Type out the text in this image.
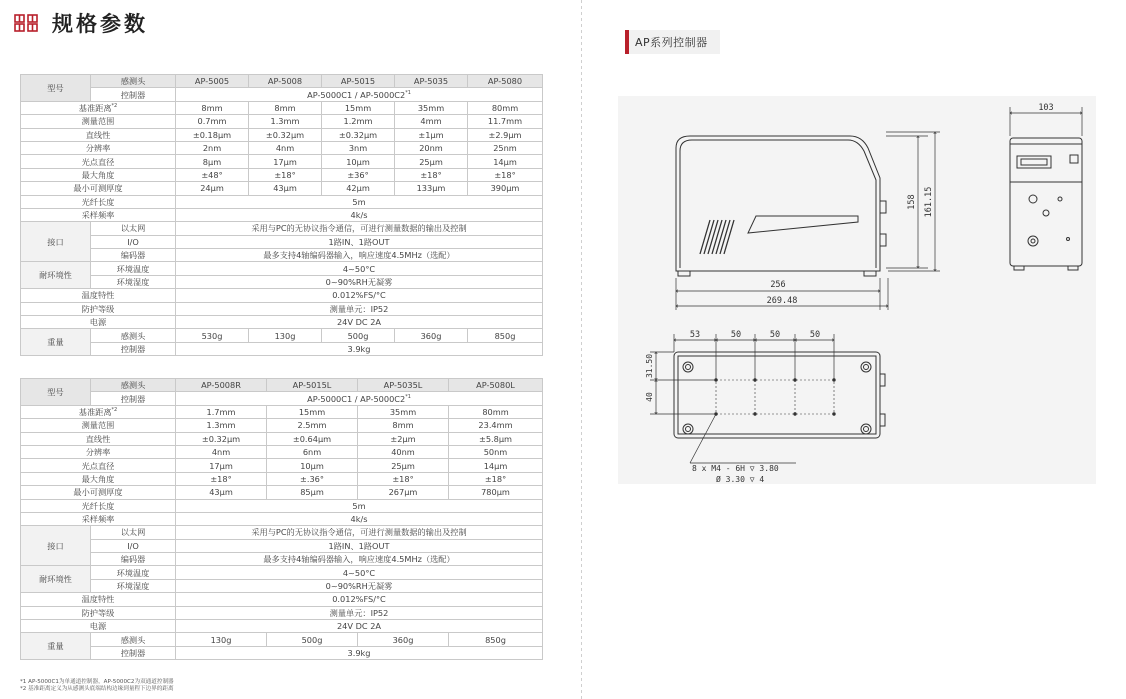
规格参数
型号	感测头	AP-5005	AP-5008	AP-5015	AP-5035	AP-5080
	控制器	AP-5000C1 / AP-5000C2$^{*1}$
基准距离$^{*2}$		8mm	8mm	15mm	35mm	80mm
测量范围		0.7mm	1.3mm	1.2mm	4mm	11.7mm
直线性		±0.18μm	±0.32μm	±0.32μm	±1μm	±2.9μm
分辨率		2nm	4nm	3nm	20nm	25nm
光点直径		8μm	17μm	10μm	25μm	14μm
最大角度		±48°	±18°	±36°	±18°	±18°
最小可测厚度		24μm	43μm	42μm	133μm	390μm
光纤长度		5m				
采样频率		4k/s				
接口	以太网	采用与PC的无协议指令通信，可进行测量数据的输出及控制				
	I/O	1路IN、1路OUT				
	编码器	最多支持4轴编码器输入，响应速度4.5MHz（选配）				
耐环境性	环境温度	4~50°C				
	环境湿度	0~90%RH无凝雾				
温度特性		0.012%FS/°C				
防护等级		测量单元：IP52				
电源		24V DC 2A				
重量	感测头	530g	130g	500g	360g	850g
	控制器	3.9kg				
型号	感测头	AP-5008R	AP-5015L	AP-5035L	AP-5080L
	控制器	AP-5000C1 / AP-5000C2$^{*1}$
基准距离$^{*2}$		1.7mm	15mm	35mm	80mm
测量范围		1.3mm	2.5mm	8mm	23.4mm
直线性		±0.32μm	±0.64μm	±2μm	±5.8μm
分辨率		4nm	6nm	40nm	50nm
光点直径		17μm	10μm	25μm	14μm
最大角度		±18°	±.36°	±18°	±18°
最小可测厚度		43μm	85μm	267μm	780μm
光纤长度		5m			
采样频率		4k/s			
接口	以太网	采用与PC的无协议指令通信，可进行测量数据的输出及控制			
	I/O	1路IN、1路OUT			
	编码器	最多支持4轴编码器输入，响应速度4.5MHz（选配）			
耐环境性	环境温度	4~50°C			
	环境湿度	0~90%RH无凝雾			
温度特性		0.012%FS/°C			
防护等级		测量单元：IP52			
电源		24V DC 2A			
重量	感测头	130g	500g	360g	850g
	控制器	3.9kg			
*1 AP-5000C1为单通道控制器，AP-5000C2为双通道控制器
*2 基准距离定义为从感测头底端结构边缘到量程下边界的距离
AP系列控制器
256
269.48
158 161.15
103
53	50	50	50
31.50
40
8 x M4 - 6H ▽ 3.80
Ø 3.30 ▽ 4
